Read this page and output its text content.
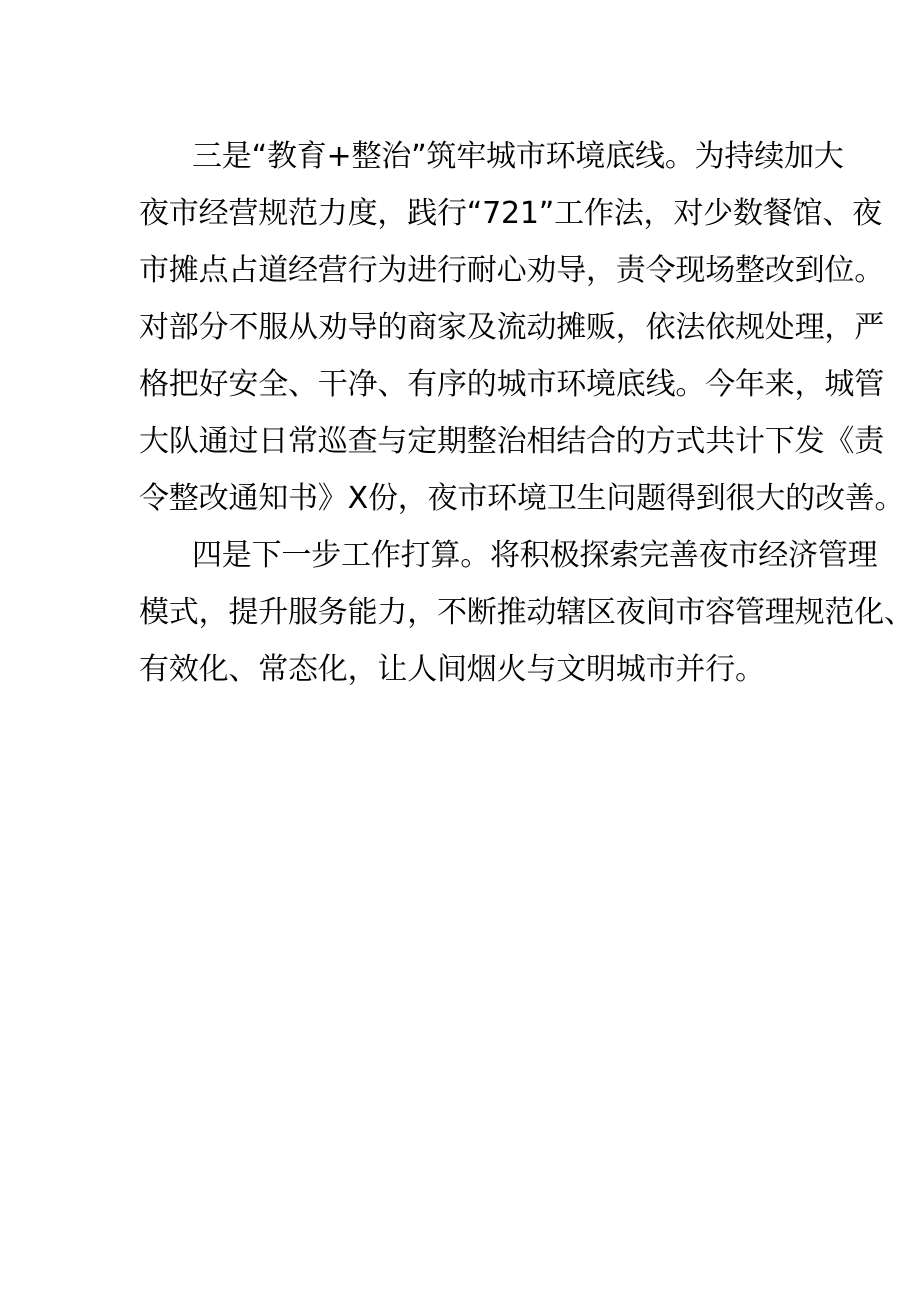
三是“教育+整治”筑牢城市环境底线。为持续加大
夜市经营规范力度，践行“721”工作法，对少数餐馆、夜
市摊点占道经营行为进行耐心劝导，责令现场整改到位。
对部分不服从劝导的商家及流动摊贩，依法依规处理，严
格把好安全、干净、有序的城市环境底线。今年来，城管
大队通过日常巡查与定期整治相结合的方式共计下发《责
令整改通知书》X份，夜市环境卫生问题得到很大的改善。
四是下一步工作打算。将积极探索完善夜市经济管理
模式，提升服务能力，不断推动辖区夜间市容管理规范化、
有效化、常态化，让人间烟火与文明城市并行。
